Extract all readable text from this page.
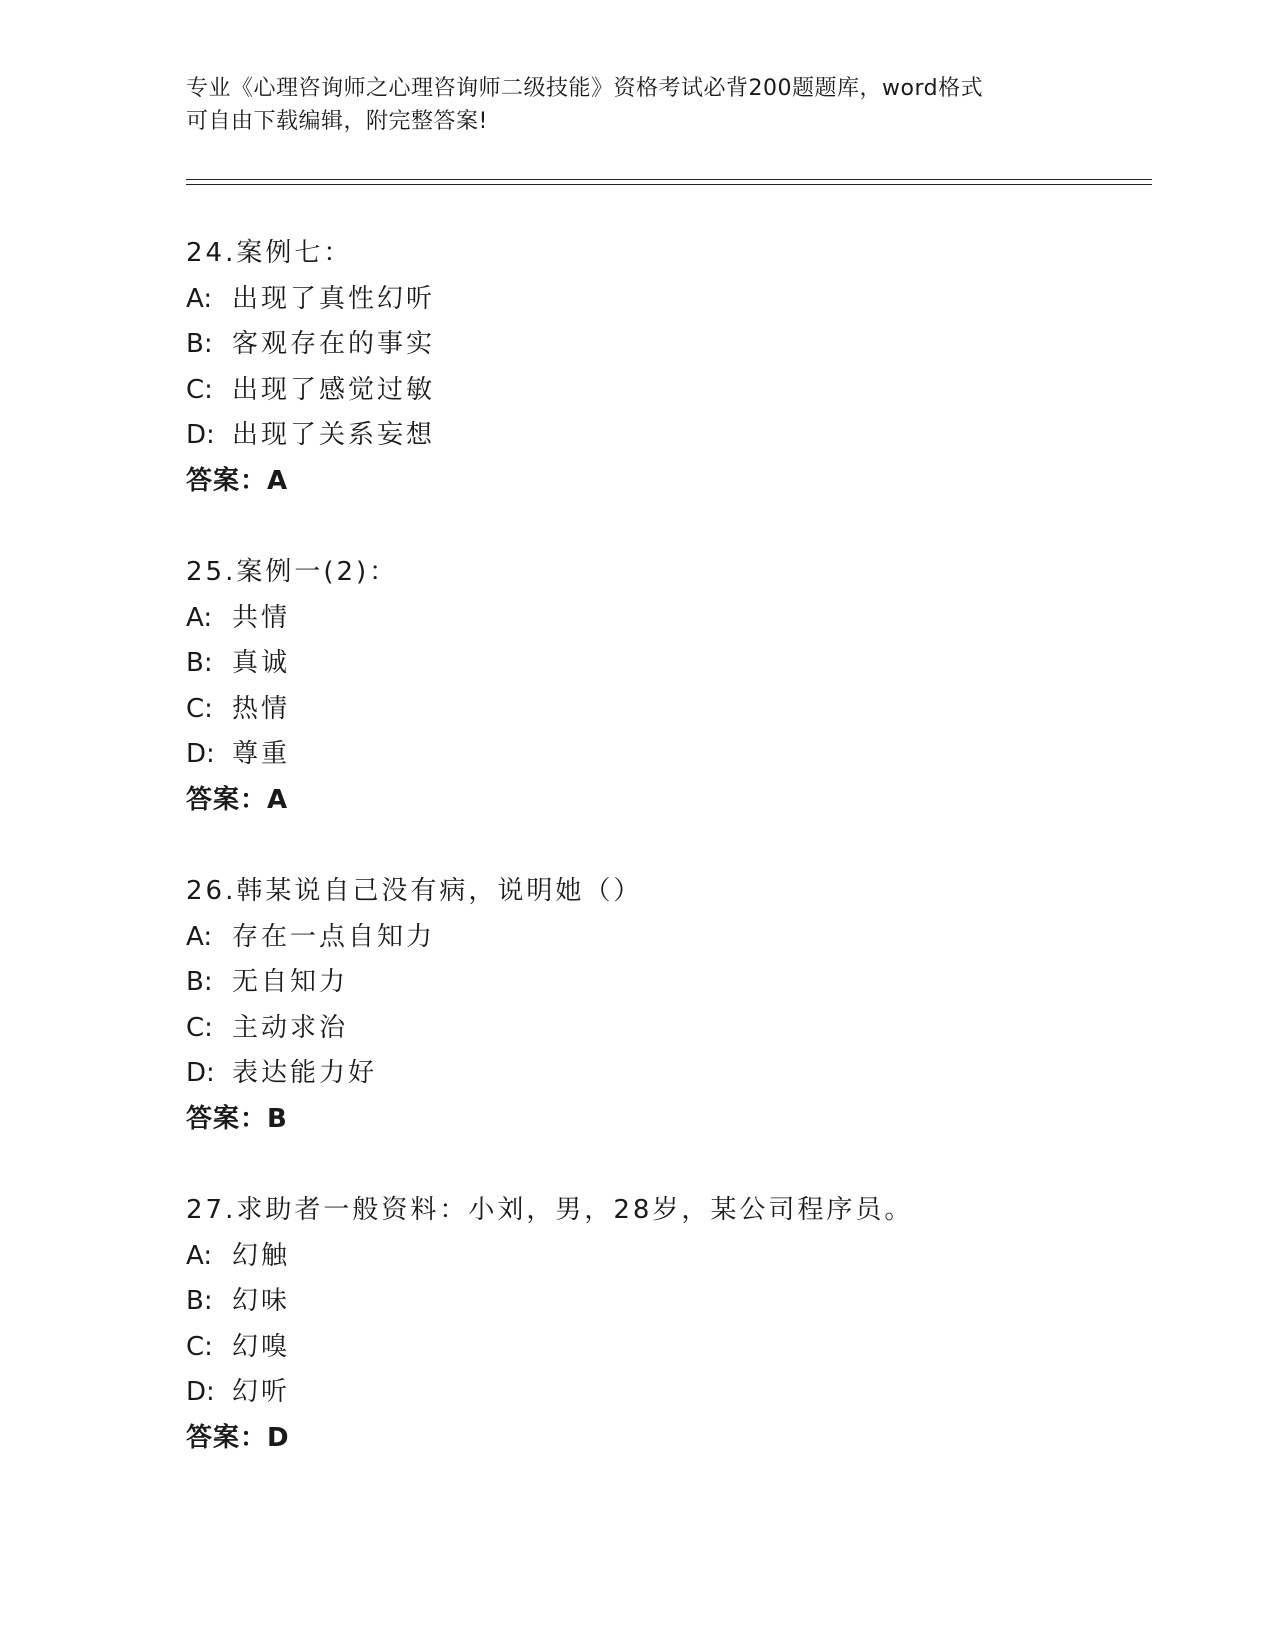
专业《心理咨询师之心理咨询师二级技能》资格考试必背200题题库，word格式
可自由下载编辑，附完整答案!
24.案例七：
A: 出现了真性幻听
B: 客观存在的事实
C: 出现了感觉过敏
D: 出现了关系妄想
答案：A
25.案例一(2)：
A: 共情
B: 真诚
C: 热情
D: 尊重
答案：A
26.韩某说自己没有病，说明她（）
A: 存在一点自知力
B: 无自知力
C: 主动求治
D: 表达能力好
答案：B
27.求助者一般资料：小刘，男，28岁，某公司程序员。
A: 幻触
B: 幻味
C: 幻嗅
D: 幻听
答案：D
